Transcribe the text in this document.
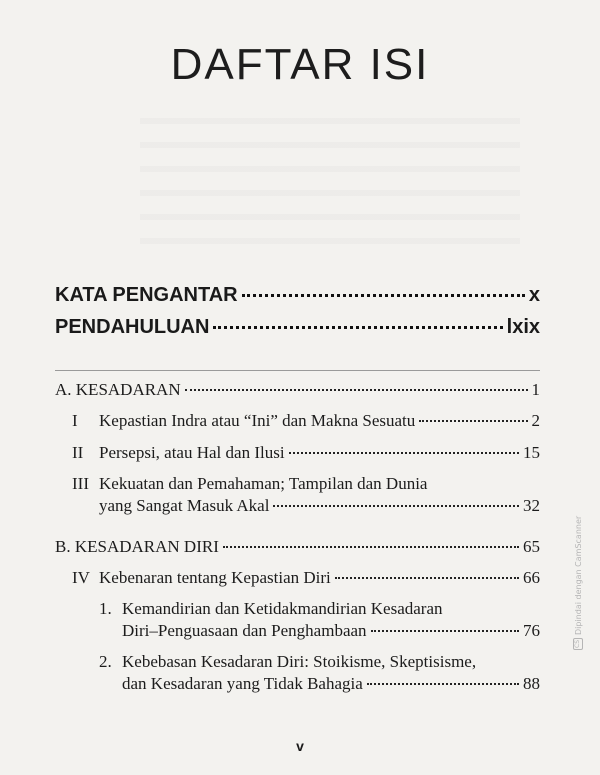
DAFTAR ISI
KATA PENGANTAR	x
PENDAHULUAN	lxix
A. KESADARAN	1
I	Kepastian Indra atau “Ini” dan Makna Sesuatu	2
II Persepsi, atau Hal dan Ilusi	15
III Kekuatan dan Pemahaman; Tampilan dan Dunia
yang Sangat Masuk Akal	32
B. KESADARAN DIRI	65
IV Kebenaran tentang Kepastian Diri	66
1. Kemandirian dan Ketidakmandirian Kesadaran
Diri–Penguasaan dan Penghambaan	76
2. Kebebasan Kesadaran Diri: Stoikisme, Skeptisisme,
dan Kesadaran yang Tidak Bahagia	88
v
CS
Dipindai dengan CamScanner
